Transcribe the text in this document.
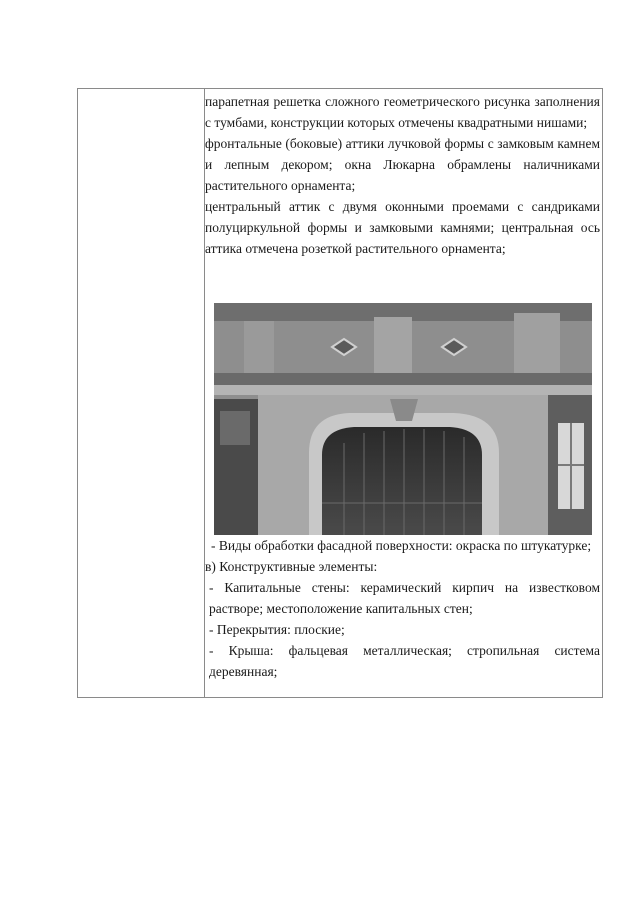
парапетная решетка сложного геометрического рисунка заполнения с тумбами, конструкции которых отмечены квадратными нишами;

фронтальные (боковые) аттики лучковой формы с замковым камнем и лепным декором; окна Люкарна обрамлены наличниками растительного орнамента;

центральный аттик с двумя оконными проемами с сандриками полуциркульной формы и замковыми камнями; центральная ось аттика отмечена розеткой растительного орнамента;

- Виды обработки фасадной поверхности: окраска по штукатурке;

в) Конструктивные элементы:

- Капитальные стены: керамический кирпич на известковом растворе; местоположение капитальных стен;

- Перекрытия: плоские;

- Крыша: фальцевая металлическая; стропильная система деревянная;
